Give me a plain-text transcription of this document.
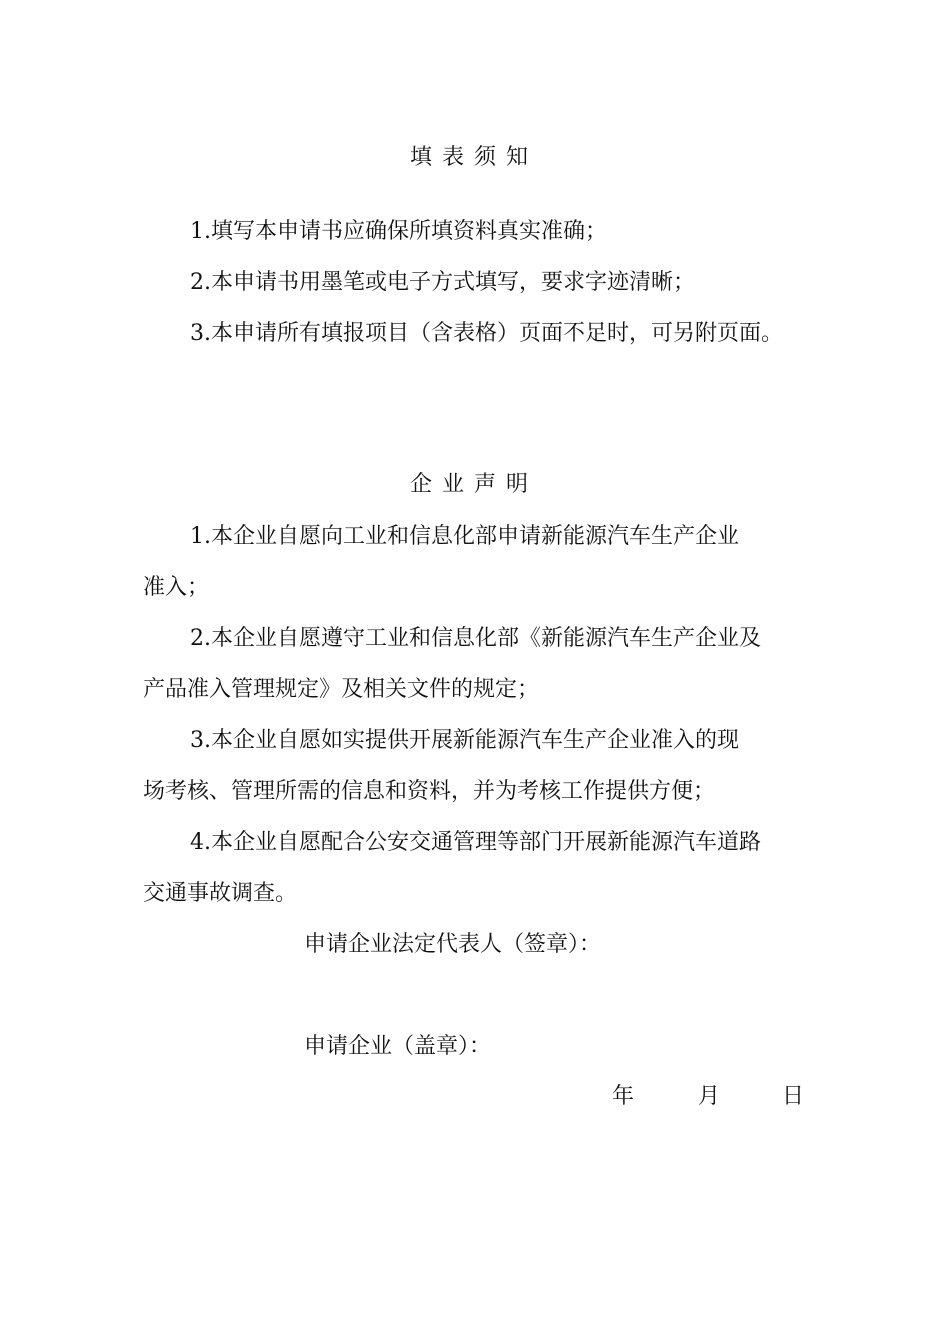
填表须知

1.填写本申请书应确保所填资料真实准确；

2.本申请书用墨笔或电子方式填写，要求字迹清晰；

3.本申请所有填报项目（含表格）页面不足时，可另附页面。

企业声明

1.本企业自愿向工业和信息化部申请新能源汽车生产企业

准入；

2.本企业自愿遵守工业和信息化部《新能源汽车生产企业及

产品准入管理规定》及相关文件的规定；

3.本企业自愿如实提供开展新能源汽车生产企业准入的现

场考核、管理所需的信息和资料，并为考核工作提供方便；

4.本企业自愿配合公安交通管理等部门开展新能源汽车道路

交通事故调查。

申请企业法定代表人（签章）：

申请企业（盖章）：

年	月	日
